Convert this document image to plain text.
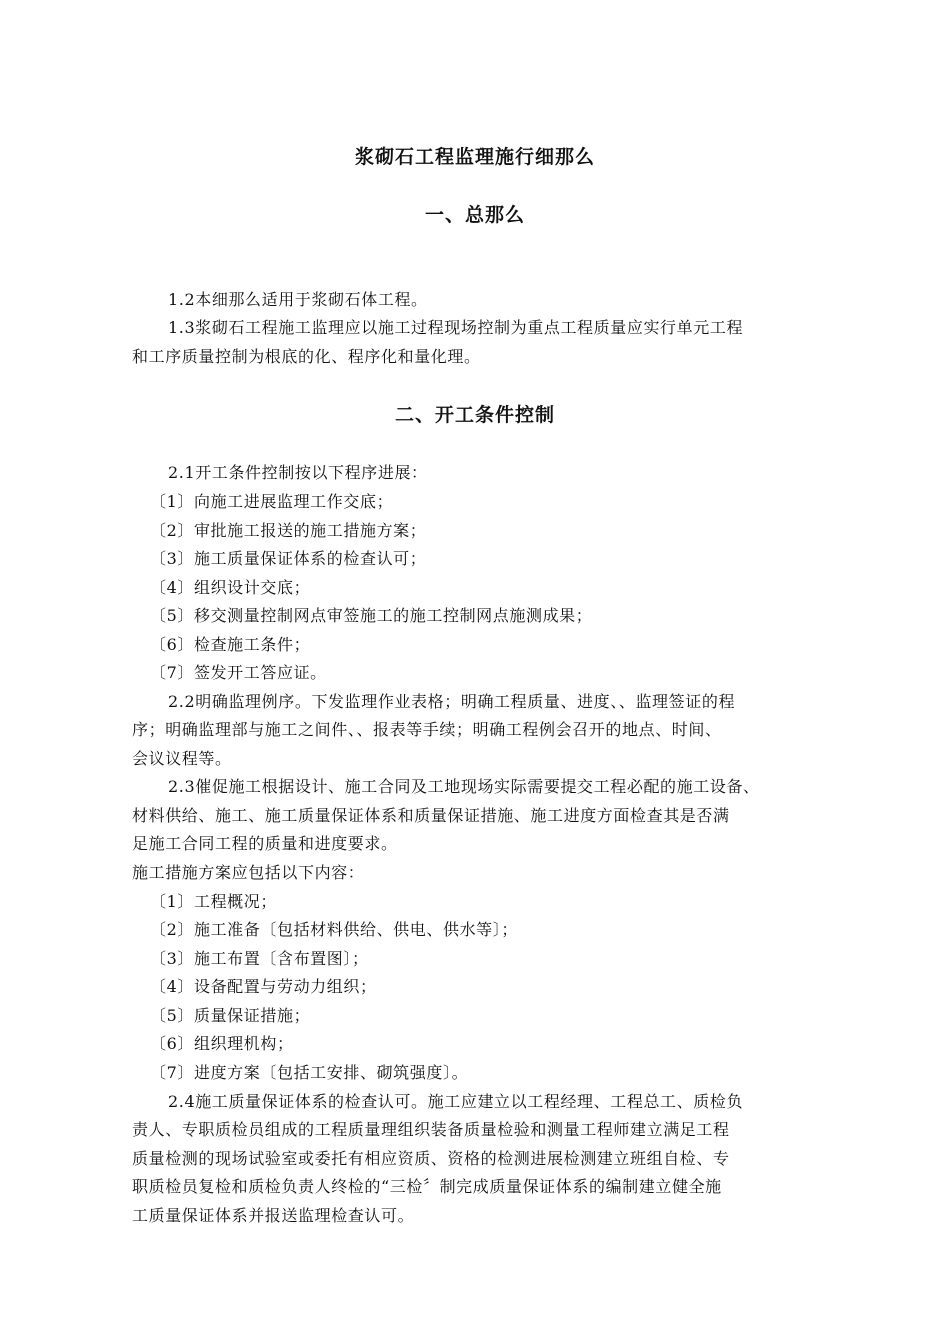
浆砌石工程监理施行细那么
一、总那么
1.2本细那么适用于浆砌石体工程。
1.3浆砌石工程施工监理应以施工过程现场控制为重点工程质量应实行单元工程
和工序质量控制为根底的化、程序化和量化理。
二、开工条件控制
2.1开工条件控制按以下程序进展：
〔1〕向施工进展监理工作交底；
〔2〕审批施工报送的施工措施方案；
〔3〕施工质量保证体系的检查认可；
〔4〕组织设计交底；
〔5〕移交测量控制网点审签施工的施工控制网点施测成果；
〔6〕检查施工条件；
〔7〕签发开工答应证。
2.2明确监理例序。下发监理作业表格；明确工程质量、进度、、监理签证的程
序；明确监理部与施工之间件、、报表等手续；明确工程例会召开的地点、时间、
会议议程等。
2.3催促施工根据设计、施工合同及工地现场实际需要提交工程必配的施工设备、
材料供给、施工、施工质量保证体系和质量保证措施、施工进度方面检查其是否满
足施工合同工程的质量和进度要求。
施工措施方案应包括以下内容：
〔1〕工程概况；
〔2〕施工准备〔包括材料供给、供电、供水等〕；
〔3〕施工布置〔含布置图〕；
〔4〕设备配置与劳动力组织；
〔5〕质量保证措施；
〔6〕组织理机构；
〔7〕进度方案〔包括工安排、砌筑强度〕。
2.4施工质量保证体系的检查认可。施工应建立以工程经理、工程总工、质检负
责人、专职质检员组成的工程质量理组织装备质量检验和测量工程师建立满足工程
质量检测的现场试验室或委托有相应资质、资格的检测进展检测建立班组自检、专
职质检员复检和质检负责人终检的“三检〞制完成质量保证体系的编制建立健全施
工质量保证体系并报送监理检查认可。
